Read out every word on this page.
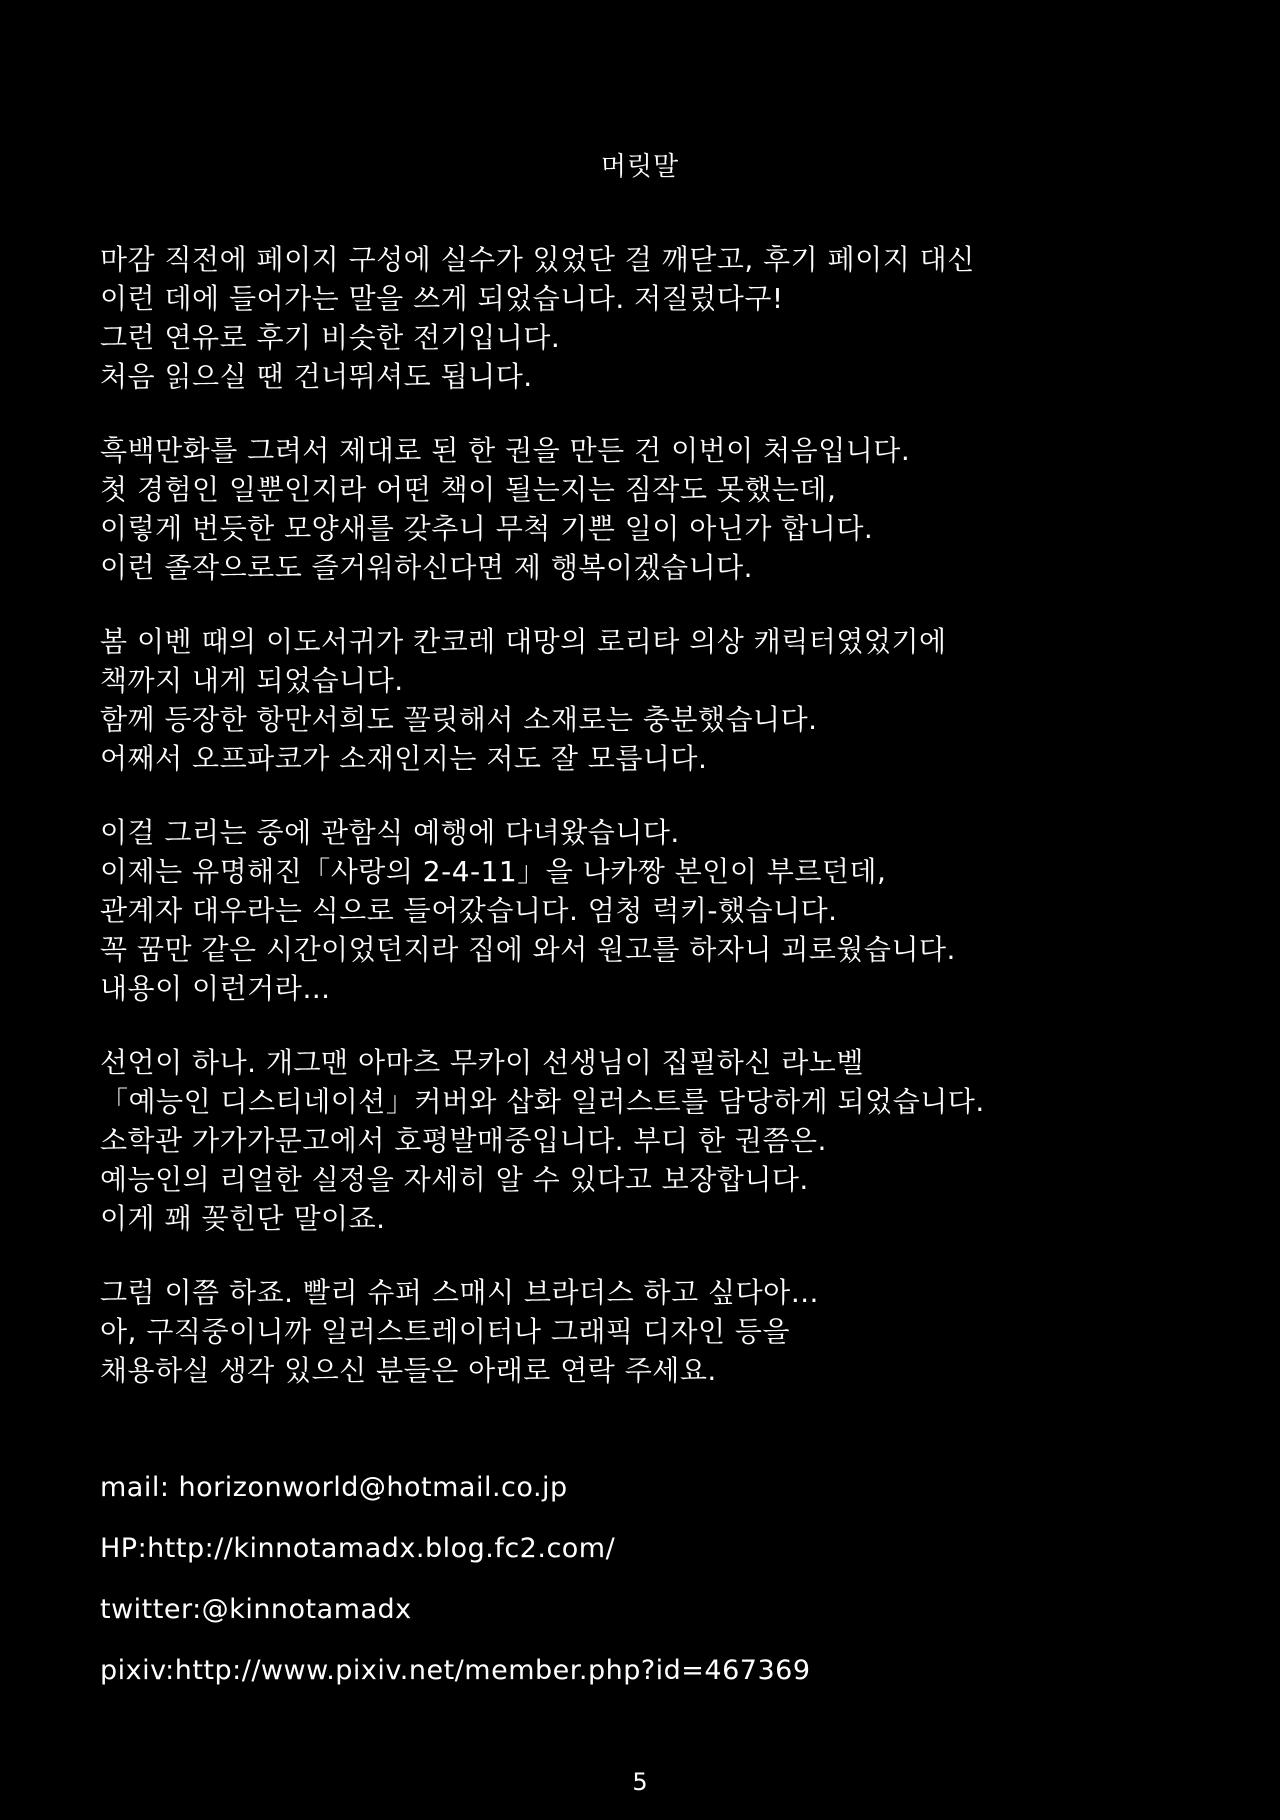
머릿말
마감 직전에 페이지 구성에 실수가 있었단 걸 깨닫고, 후기 페이지 대신
이런 데에 들어가는 말을 쓰게 되었습니다. 저질렀다구!
그런 연유로 후기 비슷한 전기입니다.
처음 읽으실 땐 건너뛰셔도 됩니다.
흑백만화를 그려서 제대로 된 한 권을 만든 건 이번이 처음입니다.
첫 경험인 일뿐인지라 어떤 책이 될는지는 짐작도 못했는데,
이렇게 번듯한 모양새를 갖추니 무척 기쁜 일이 아닌가 합니다.
이런 졸작으로도 즐거워하신다면 제 행복이겠습니다.
봄 이벤 때의 이도서귀가 칸코레 대망의 로리타 의상 캐릭터였었기에
책까지 내게 되었습니다.
함께 등장한 항만서희도 꼴릿해서 소재로는 충분했습니다.
어째서 오프파코가 소재인지는 저도 잘 모릅니다.
이걸 그리는 중에 관함식 예행에 다녀왔습니다.
이제는 유명해진「사랑의 2-4-11」을 나카짱 본인이 부르던데,
관계자 대우라는 식으로 들어갔습니다. 엄청 럭키-했습니다.
꼭 꿈만 같은 시간이었던지라 집에 와서 원고를 하자니 괴로웠습니다.
내용이 이런거라…
선언이 하나. 개그맨 아마츠 무카이 선생님이 집필하신 라노벨
「예능인 디스티네이션」커버와 삽화 일러스트를 담당하게 되었습니다.
소학관 가가가문고에서 호평발매중입니다. 부디 한 권쯤은.
예능인의 리얼한 실정을 자세히 알 수 있다고 보장합니다.
이게 꽤 꽂힌단 말이죠.
그럼 이쯤 하죠. 빨리 슈퍼 스매시 브라더스 하고 싶다아…
아, 구직중이니까 일러스트레이터나 그래픽 디자인 등을
채용하실 생각 있으신 분들은 아래로 연락 주세요.
mail: horizonworld@hotmail.co.jp
HP:http://kinnotamadx.blog.fc2.com/
twitter:@kinnotamadx
pixiv:http://www.pixiv.net/member.php?id=467369
5
